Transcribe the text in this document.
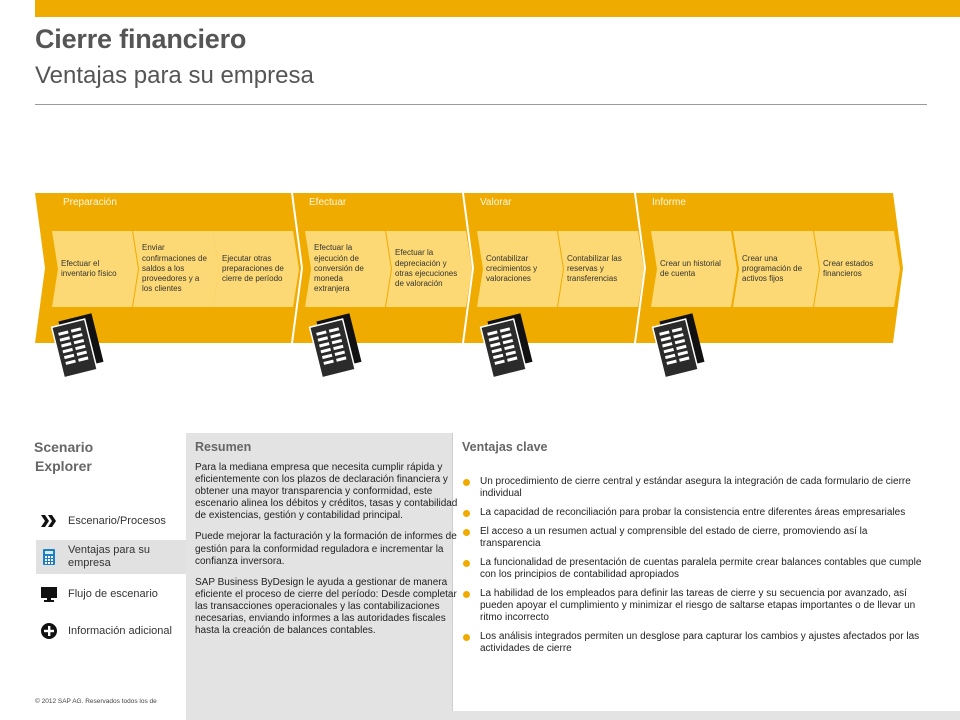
Cierre financiero
Ventajas para su empresa
Preparación
Efectuar el inventario físico
Enviar confirmaciones de saldos a los proveedores y a los clientes
Ejecutar otras preparaciones de cierre de período
Efectuar
Efectuar la ejecución de conversión de moneda extranjera
Efectuar la depreciación y otras ejecuciones de valoración
Valorar
Contabilizar crecimientos y valoraciones
Contabilizar las reservas y transferencias
Informe
Crear un historial de cuenta
Crear una programación de activos fijos
Crear estados financieros
Scenario
Explorer
Escenario/Procesos
Ventajas para su empresa
Flujo de escenario
Información adicional
Resumen

Para la mediana empresa que necesita cumplir rápida y eficientemente con los plazos de declaración financiera y obtener una mayor transparencia y conformidad, este escenario alinea los débitos y créditos, tasas y contabilidad de existencias, gestión y contabilidad principal.

Puede mejorar la facturación y la formación de informes de gestión para la conformidad reguladora e incrementar la confianza inversora.

SAP Business ByDesign le ayuda a gestionar de manera eficiente el proceso de cierre del período: Desde completar las transacciones operacionales y las contabilizaciones necesarias, enviando informes a las autoridades fiscales hasta la creación de balances contables.

Ventajas clave
Un procedimiento de cierre central y estándar asegura la integración de cada formulario de cierre individual
La capacidad de reconciliación para probar la consistencia entre diferentes áreas empresariales
El acceso a un resumen actual y comprensible del estado de cierre, promoviendo así la transparencia
La funcionalidad de presentación de cuentas paralela permite crear balances contables que cumple con los principios de contabilidad apropiados
La habilidad de los empleados para definir las tareas de cierre y su secuencia por avanzado, así pueden apoyar el cumplimiento y minimizar el riesgo de saltarse etapas importantes o de llevar un ritmo incorrecto
Los análisis integrados permiten un desglose para capturar los cambios y ajustes afectados por las actividades de cierre
© 2012 SAP AG. Reservados todos los de
